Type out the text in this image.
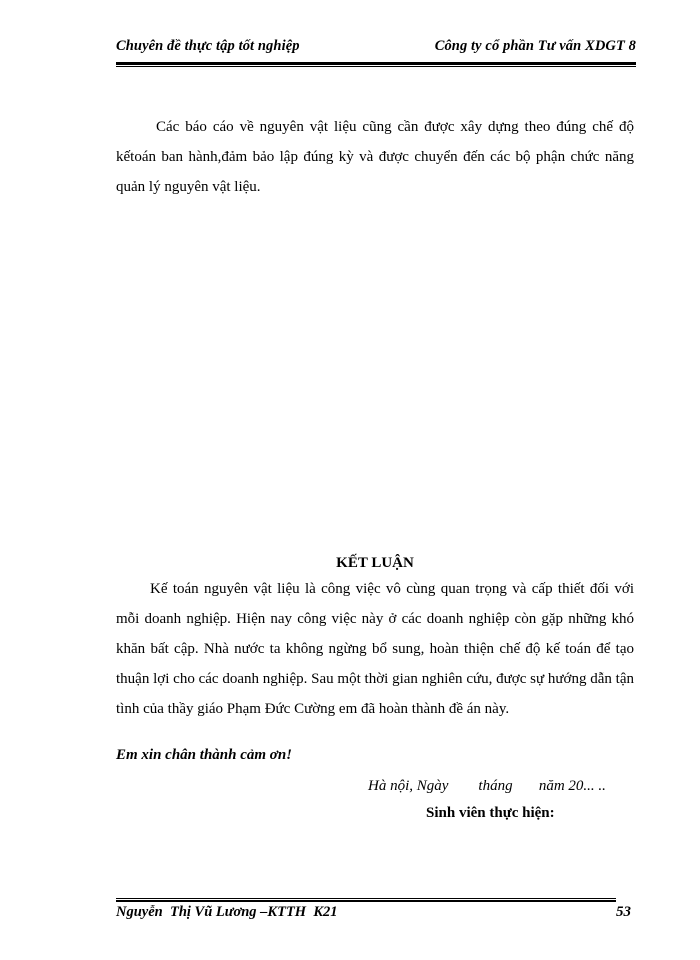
Chuyên đề thực tập tốt nghiệp	Công ty cổ phần Tư vấn XDGT 8

Các báo cáo về nguyên vật liệu cũng cần được xây dựng theo đúng chế độ kếtoán ban hành,đảm bảo lập đúng kỳ và được chuyển đến các bộ phận chức năng quản lý nguyên vật liệu.

KẾT LUẬN

Kế toán nguyên vật liệu là công việc vô cùng quan trọng và cấp thiết đối với mỗi doanh nghiệp. Hiện nay công việc này ở các doanh nghiệp còn gặp những khó khăn bất cập. Nhà nước ta không ngừng bổ sung, hoàn thiện chế độ kế toán để tạo thuận lợi cho các doanh nghiệp. Sau một thời gian nghiên cứu, được sự hướng dẫn tận tình của thầy giáo Phạm Đức Cường em đã hoàn thành đề án này.

Em xin chân thành cảm ơn!
Hà nội, Ngày        tháng       năm 20... ..
Sinh viên thực hiện:
Nguyễn  Thị Vũ Lương –KTTH  K21	53
